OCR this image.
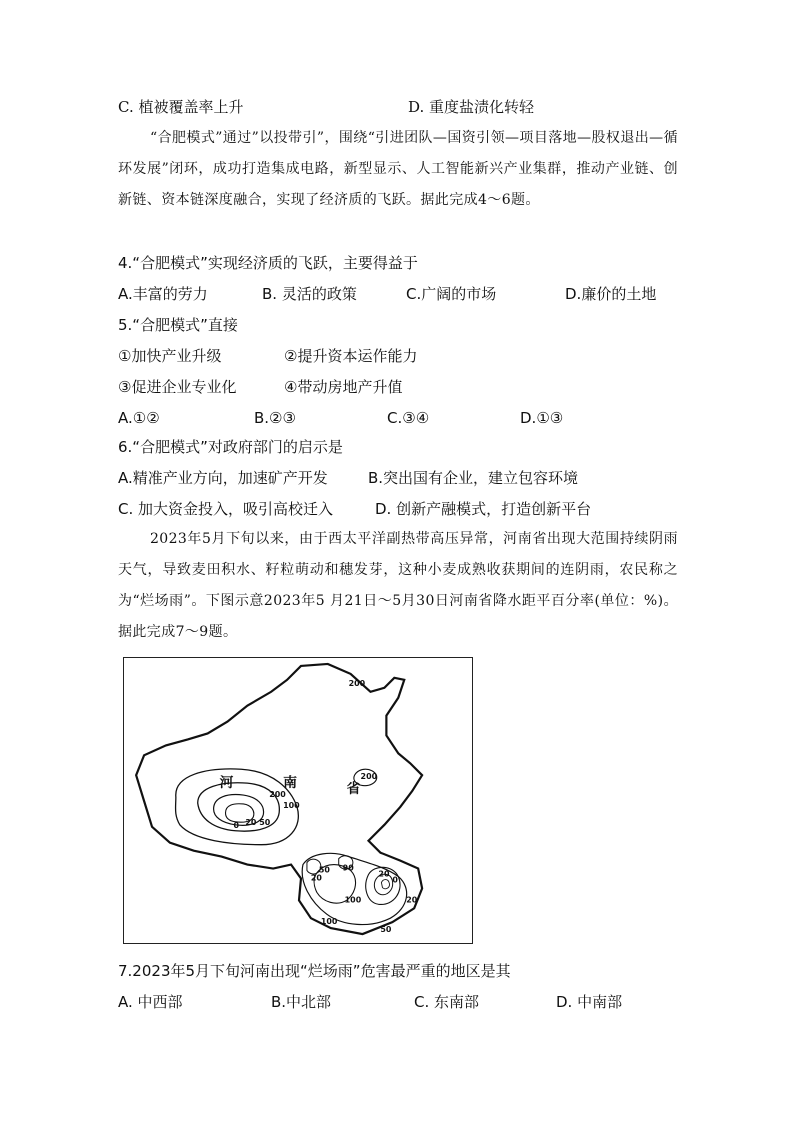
C. 植被覆盖率上升	D. 重度盐渍化转轻
“合肥模式”通过”以投带引”，围绕“引进团队—国资引领—项目落地—股权退出—循环发展”闭环，成功打造集成电路，新型显示、人工智能新兴产业集群，推动产业链、创新链、资本链深度融合，实现了经济质的飞跃。据此完成4～6题。
4.“合肥模式”实现经济质的飞跃，主要得益于
A.丰富的劳力	B. 灵活的政策	C.广阔的市场	D.廉价的土地
5.“合肥模式”直接
①加快产业升级	②提升资本运作能力
③促进企业专业化	④带动房地产升值
A.①②	B.②③	C.③④	D.①③
6.“合肥模式”对政府部门的启示是
A.精准产业方向，加速矿产开发	B.突出国有企业，建立包容环境
C. 加大资金投入，吸引高校迁入	D. 创新产融模式，打造创新平台
2023年5月下旬以来，由于西太平洋副热带高压异常，河南省出现大范围持续阴雨天气，导致麦田积水、籽粒萌动和穗发芽，这种小麦成熟收获期间的连阴雨，农民称之为“烂场雨”。下图示意2023年5 月21日～5月30日河南省降水距平百分率(单位：%)。据此完成7～9题。
河	南	省
200
200
200
100
0 20 50
50 90
20	20
0
100	20
100
50
7.2023年5月下旬河南出现“烂场雨”危害最严重的地区是其
A. 中西部	B.中北部	C. 东南部	D. 中南部
